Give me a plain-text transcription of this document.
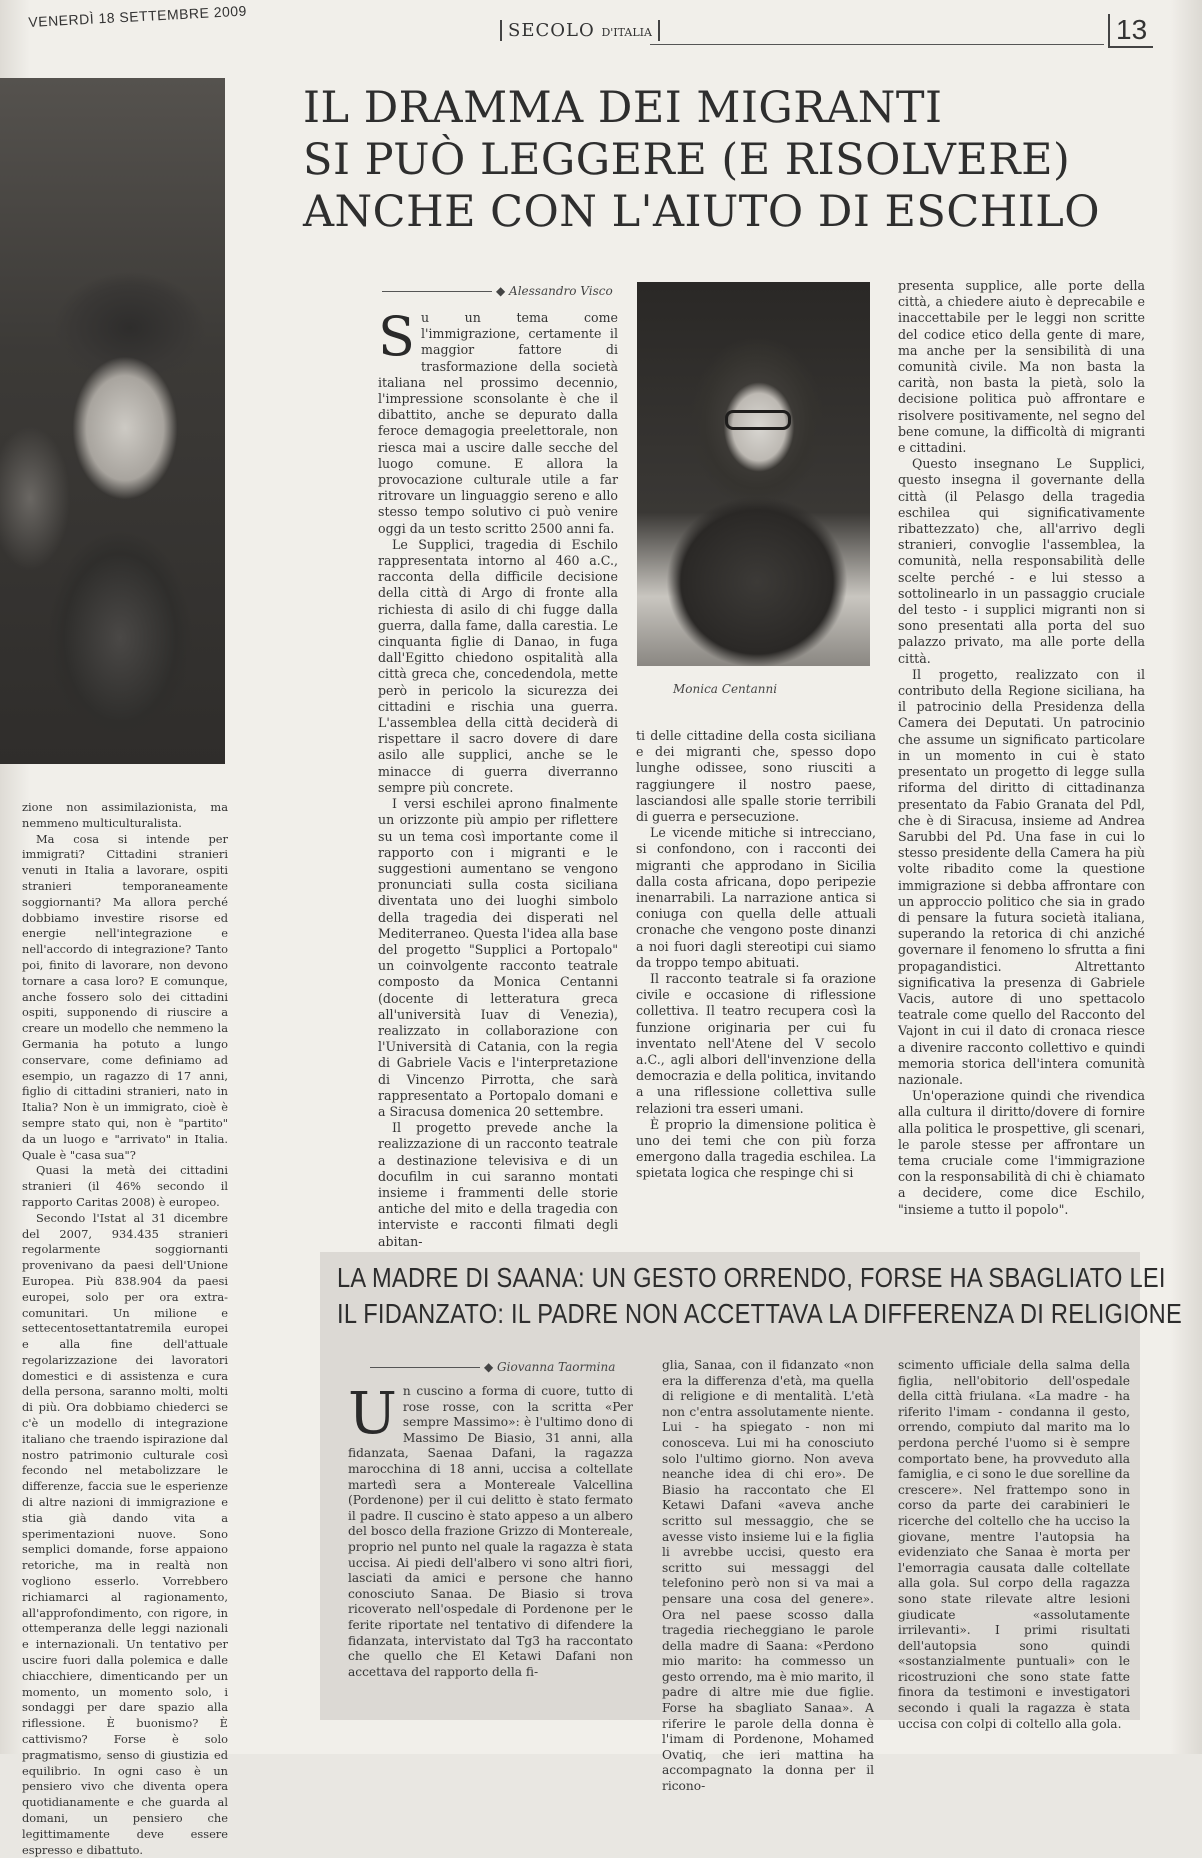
VENERDÌ 18 SETTEMBRE 2009
SECOLO D'ITALIA	13
IL DRAMMA DEI MIGRANTI
SI PUÒ LEGGERE (E RISOLVERE)
ANCHE CON L'AIUTO DI ESCHILO
◆ Alessandro Visco
S u un tema come l'immigrazione, certamente il maggior fattore di trasformazione della società italiana nel prossimo decennio, l'impressione sconsolante è che il dibattito, anche se depurato dalla feroce demagogia preelettorale, non riesca mai a uscire dalle secche del luogo comune. E allora la provocazione culturale utile a far ritrovare un linguaggio sereno e allo stesso tempo solutivo ci può venire oggi da un testo scritto 2500 anni fa.

Le Supplici, tragedia di Eschilo rappresentata intorno al 460 a.C., racconta della difficile decisione della città di Argo di fronte alla richiesta di asilo di chi fugge dalla guerra, dalla fame, dalla carestia. Le cinquanta figlie di Danao, in fuga dall'Egitto chiedono ospitalità alla città greca che, concedendola, mette però in pericolo la sicurezza dei cittadini e rischia una guerra. L'assemblea della città deciderà di rispettare il sacro dovere di dare asilo alle supplici, anche se le minacce di guerra diverranno sempre più concrete.

I versi eschilei aprono finalmente un orizzonte più ampio per riflettere su un tema così importante come il rapporto con i migranti e le suggestioni aumentano se vengono pronunciati sulla costa siciliana diventata uno dei luoghi simbolo della tragedia dei disperati nel Mediterraneo. Questa l'idea alla base del progetto "Supplici a Portopalo" un coinvolgente racconto teatrale composto da Monica Centanni (docente di letteratura greca all'università Iuav di Venezia), realizzato in collaborazione con l'Università di Catania, con la regia di Gabriele Vacis e l'interpretazione di Vincenzo Pirrotta, che sarà rappresentato a Portopalo domani e a Siracusa domenica 20 settembre.

Il progetto prevede anche la realizzazione di un racconto teatrale a destinazione televisiva e di un docufilm in cui saranno montati insieme i frammenti delle storie antiche del mito e della tragedia con interviste e racconti filmati degli abitan-

Monica Centanni

ti delle cittadine della costa siciliana e dei migranti che, spesso dopo lunghe odissee, sono riusciti a raggiungere il nostro paese, lasciandosi alle spalle storie terribili di guerra e persecuzione.

Le vicende mitiche si intrecciano, si confondono, con i racconti dei migranti che approdano in Sicilia dalla costa africana, dopo peripezie inenarrabili. La narrazione antica si coniuga con quella delle attuali cronache che vengono poste dinanzi a noi fuori dagli stereotipi cui siamo da troppo tempo abituati.

Il racconto teatrale si fa orazione civile e occasione di riflessione collettiva. Il teatro recupera così la funzione originaria per cui fu inventato nell'Atene del V secolo a.C., agli albori dell'invenzione della democrazia e della politica, invitando a una riflessione collettiva sulle relazioni tra esseri umani.

È proprio la dimensione politica è uno dei temi che con più forza emergono dalla tragedia eschilea. La spietata logica che respinge chi si

presenta supplice, alle porte della città, a chiedere aiuto è deprecabile e inaccettabile per le leggi non scritte del codice etico della gente di mare, ma anche per la sensibilità di una comunità civile. Ma non basta la carità, non basta la pietà, solo la decisione politica può affrontare e risolvere positivamente, nel segno del bene comune, la difficoltà di migranti e cittadini.

Questo insegnano Le Supplici, questo insegna il governante della città (il Pelasgo della tragedia eschilea qui significativamente ribattezzato) che, all'arrivo degli stranieri, convoglie l'assemblea, la comunità, nella responsabilità delle scelte perché - e lui stesso a sottolinearlo in un passaggio cruciale del testo - i supplici migranti non si sono presentati alla porta del suo palazzo privato, ma alle porte della città.

Il progetto, realizzato con il contributo della Regione siciliana, ha il patrocinio della Presidenza della Camera dei Deputati. Un patrocinio che assume un significato particolare in un momento in cui è stato presentato un progetto di legge sulla riforma del diritto di cittadinanza presentato da Fabio Granata del Pdl, che è di Siracusa, insieme ad Andrea Sarubbi del Pd. Una fase in cui lo stesso presidente della Camera ha più volte ribadito come la questione immigrazione si debba affrontare con un approccio politico che sia in grado di pensare la futura società italiana, superando la retorica di chi anziché governare il fenomeno lo sfrutta a fini propagandistici. Altrettanto significativa la presenza di Gabriele Vacis, autore di uno spettacolo teatrale come quello del Racconto del Vajont in cui il dato di cronaca riesce a divenire racconto collettivo e quindi memoria storica dell'intera comunità nazionale.

Un'operazione quindi che rivendica alla cultura il diritto/dovere di fornire alla politica le prospettive, gli scenari, le parole stesse per affrontare un tema cruciale come l'immigrazione con la responsabilità di chi è chiamato a decidere, come dice Eschilo, "insieme a tutto il popolo".

zione non assimilazionista, ma nemmeno multiculturalista.

Ma cosa si intende per immigrati? Cittadini stranieri venuti in Italia a lavorare, ospiti stranieri temporaneamente soggiornanti? Ma allora perché dobbiamo investire risorse ed energie nell'integrazione e nell'accordo di integrazione? Tanto poi, finito di lavorare, non devono tornare a casa loro? E comunque, anche fossero solo dei cittadini ospiti, supponendo di riuscire a creare un modello che nemmeno la Germania ha potuto a lungo conservare, come definiamo ad esempio, un ragazzo di 17 anni, figlio di cittadini stranieri, nato in Italia? Non è un immigrato, cioè è sempre stato qui, non è "partito" da un luogo e "arrivato" in Italia. Quale è "casa sua"?

Quasi la metà dei cittadini stranieri (il 46% secondo il rapporto Caritas 2008) è europeo.

Secondo l'Istat al 31 dicembre del 2007, 934.435 stranieri regolarmente soggiornanti provenivano da paesi dell'Unione Europea. Più 838.904 da paesi europei, solo per ora extra-comunitari. Un milione e settecentosettantatremila europei e alla fine dell'attuale regolarizzazione dei lavoratori domestici e di assistenza e cura della persona, saranno molti, molti di più. Ora dobbiamo chiederci se c'è un modello di integrazione italiano che traendo ispirazione dal nostro patrimonio culturale così fecondo nel metabolizzare le differenze, faccia sue le esperienze di altre nazioni di immigrazione e stia già dando vita a sperimentazioni nuove. Sono semplici domande, forse appaiono retoriche, ma in realtà non vogliono esserlo. Vorrebbero richiamarci al ragionamento, all'approfondimento, con rigore, in ottemperanza delle leggi nazionali e internazionali. Un tentativo per uscire fuori dalla polemica e dalle chiacchiere, dimenticando per un momento, un momento solo, i sondaggi per dare spazio alla riflessione. È buonismo? È cattivismo? Forse è solo pragmatismo, senso di giustizia ed equilibrio. In ogni caso è un pensiero vivo che diventa opera quotidianamente e che guarda al domani, un pensiero che legittimamente deve essere espresso e dibattuto.

LA MADRE DI SAANA: UN GESTO ORRENDO, FORSE HA SBAGLIATO LEI
IL FIDANZATO: IL PADRE NON ACCETTAVA LA DIFFERENZA DI RELIGIONE
◆ Giovanna Taormina
U n cuscino a forma di cuore, tutto di rose rosse, con la scritta «Per sempre Massimo»: è l'ultimo dono di Massimo De Biasio, 31 anni, alla fidanzata, Saenaa Dafani, la ragazza marocchina di 18 anni, uccisa a coltellate martedì sera a Montereale Valcellina (Pordenone) per il cui delitto è stato fermato il padre. Il cuscino è stato appeso a un albero del bosco della frazione Grizzo di Montereale, proprio nel punto nel quale la ragazza è stata uccisa. Ai piedi dell'albero vi sono altri fiori, lasciati da amici e persone che hanno conosciuto Sanaa. De Biasio si trova ricoverato nell'ospedale di Pordenone per le ferite riportate nel tentativo di difendere la fidanzata, intervistato dal Tg3 ha raccontato che quello che El Ketawi Dafani non accettava del rapporto della fi-

glia, Sanaa, con il fidanzato «non era la differenza d'età, ma quella di religione e di mentalità. L'età non c'entra assolutamente niente. Lui - ha spiegato - non mi conosceva. Lui mi ha conosciuto solo l'ultimo giorno. Non aveva neanche idea di chi ero». De Biasio ha raccontato che El Ketawi Dafani «aveva anche scritto sul messaggio, che se avesse visto insieme lui e la figlia li avrebbe uccisi, questo era scritto sui messaggi del telefonino però non si va mai a pensare una cosa del genere». Ora nel paese scosso dalla tragedia riecheggiano le parole della madre di Saana: «Perdono mio marito: ha commesso un gesto orrendo, ma è mio marito, il padre di altre mie due figlie. Forse ha sbagliato Sanaa». A riferire le parole della donna è l'imam di Pordenone, Mohamed Ovatiq, che ieri mattina ha accompagnato la donna per il ricono-

scimento ufficiale della salma della figlia, nell'obitorio dell'ospedale della città friulana. «La madre - ha riferito l'imam - condanna il gesto, orrendo, compiuto dal marito ma lo perdona perché l'uomo si è sempre comportato bene, ha provveduto alla famiglia, e ci sono le due sorelline da crescere». Nel frattempo sono in corso da parte dei carabinieri le ricerche del coltello che ha ucciso la giovane, mentre l'autopsia ha evidenziato che Sanaa è morta per l'emorragia causata dalle coltellate alla gola. Sul corpo della ragazza sono state rilevate altre lesioni giudicate «assolutamente irrilevanti». I primi risultati dell'autopsia sono quindi «sostanzialmente puntuali» con le ricostruzioni che sono state fatte finora da testimoni e investigatori secondo i quali la ragazza è stata uccisa con colpi di coltello alla gola.
